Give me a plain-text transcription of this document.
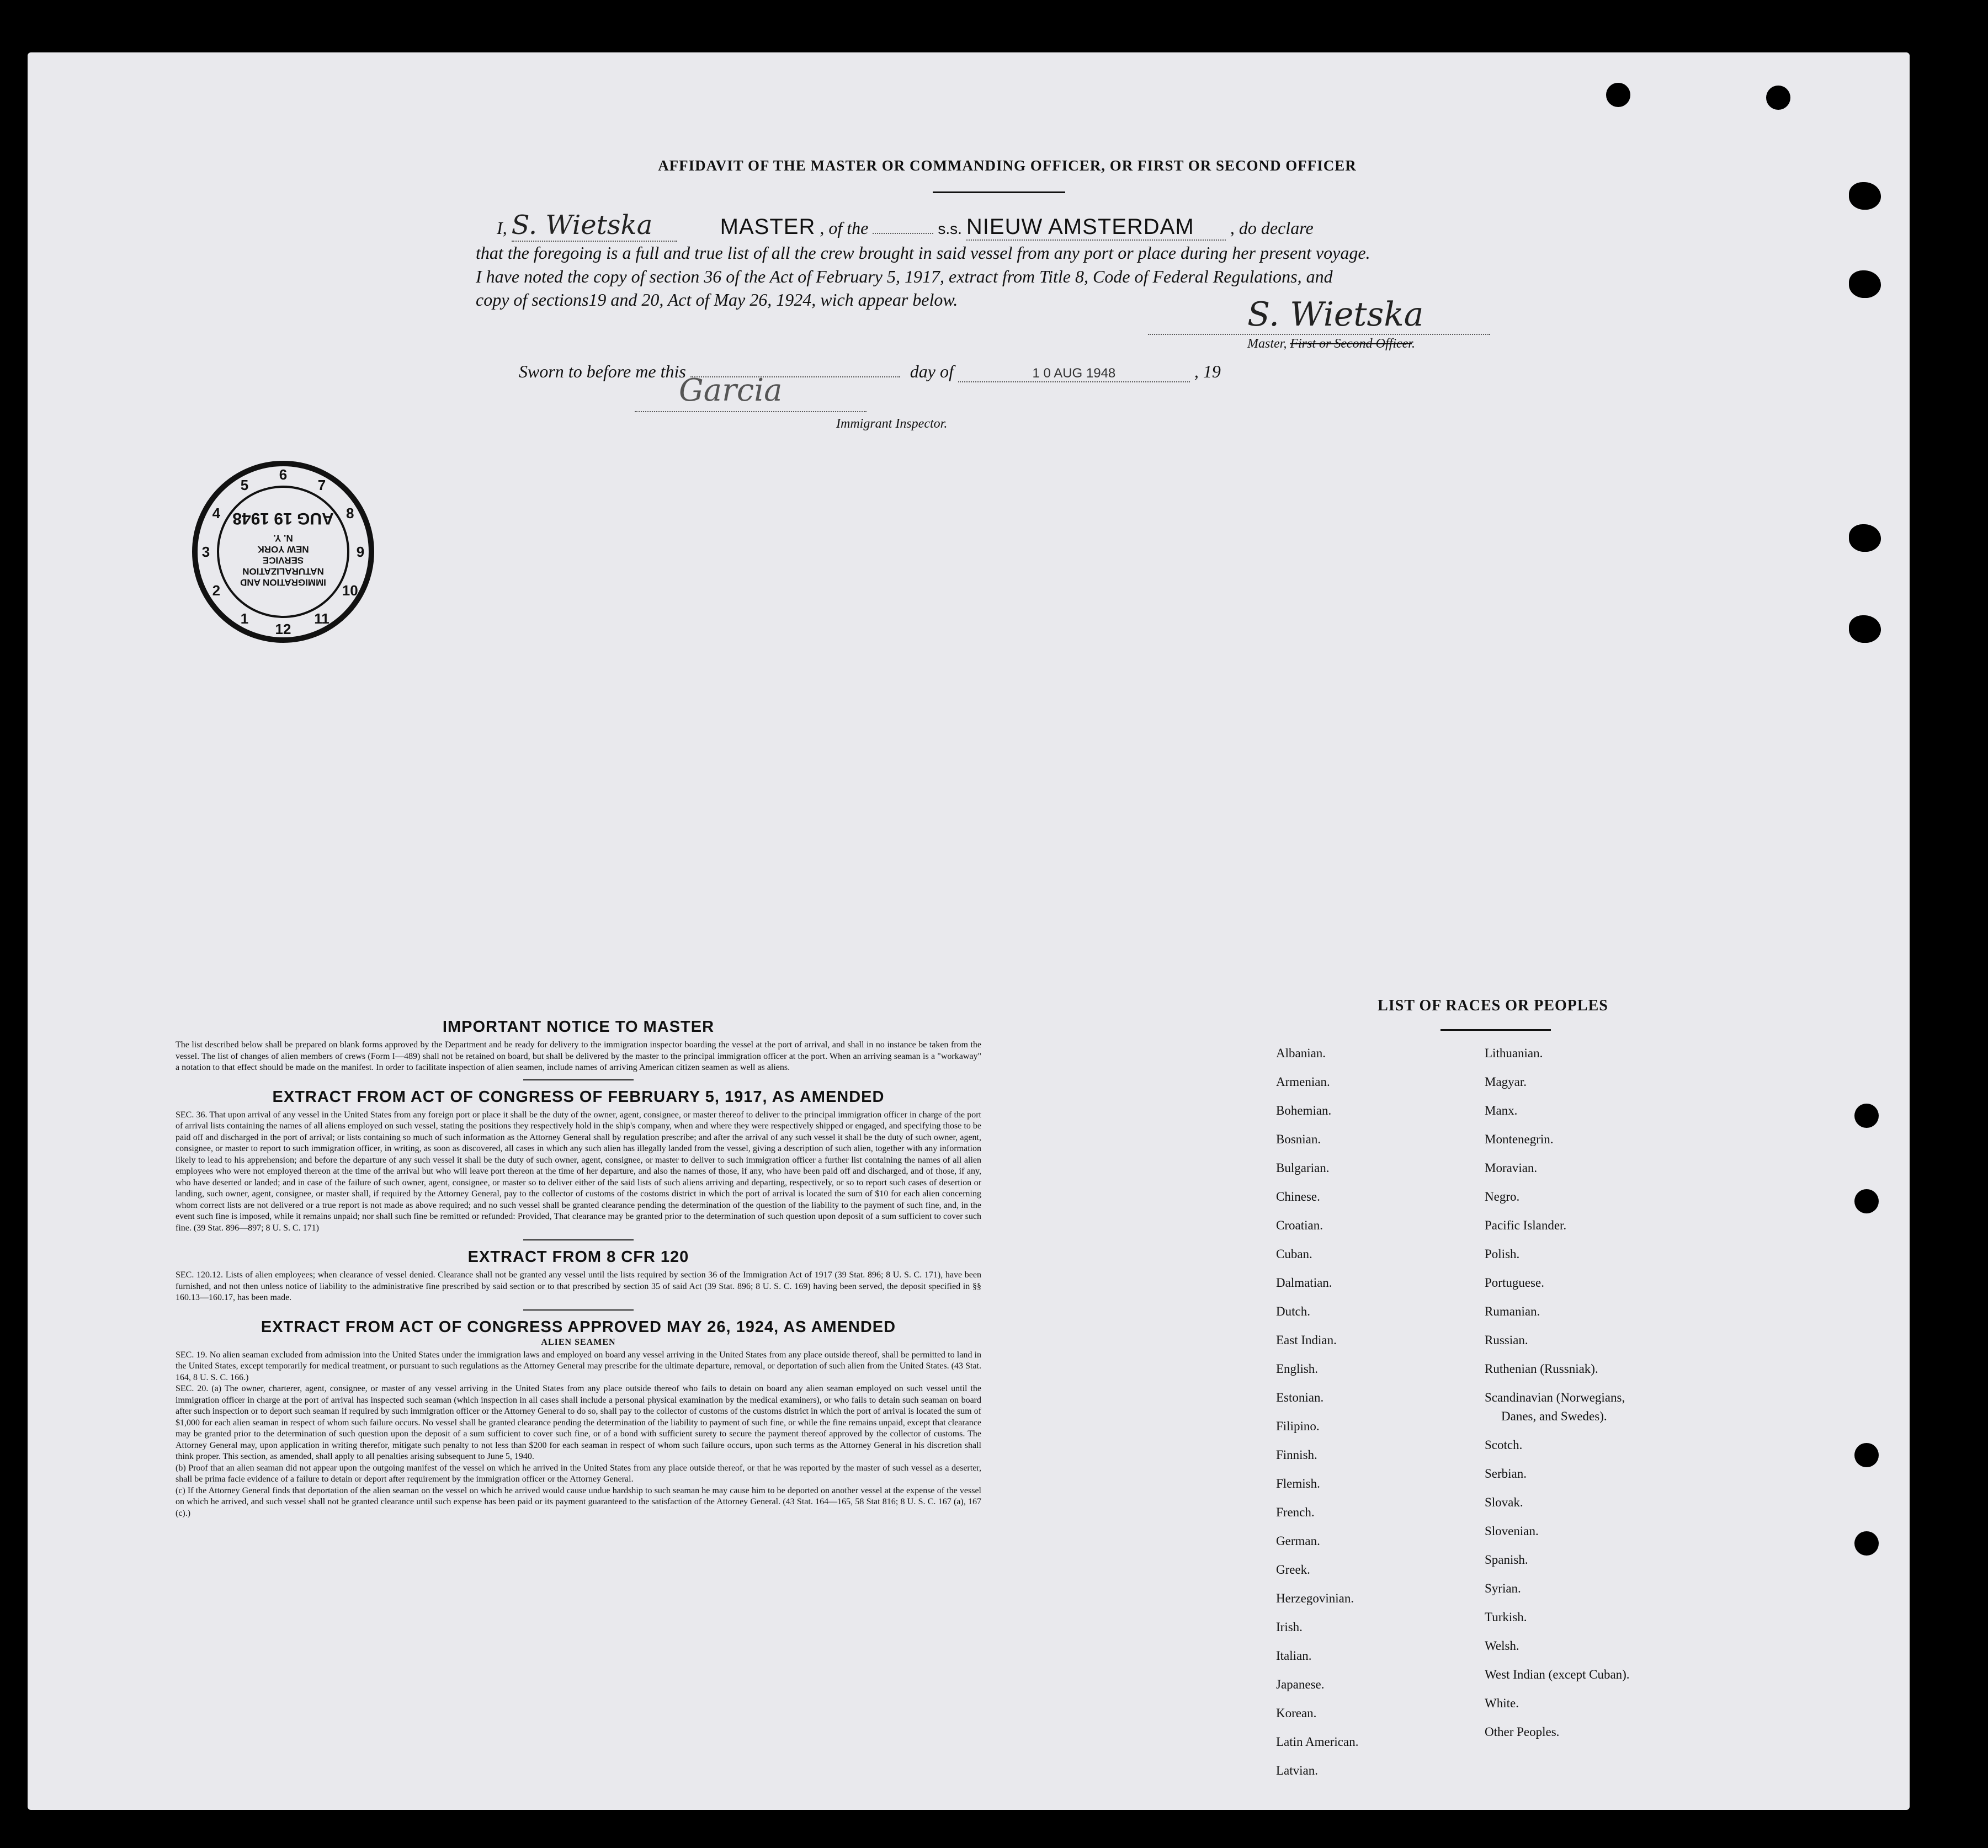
AFFIDAVIT OF THE MASTER OR COMMANDING OFFICER, OR FIRST OR SECOND OFFICER
I, S. Wietska	MASTER , of the	s.s. NIEUW AMSTERDAM , do declare
that the foregoing is a full and true list of all the crew brought in said vessel from any port or place during her present voyage.
I have noted the copy of section 36 of the Act of February 5, 1917, extract from Title 8, Code of Federal Regulations, and
copy of sections19 and 20, Act of May 26, 1924, wich appear below.	S. Wietska
Master, First or Second Officer.
Sworn to before me this	day of	1 0 AUG 1948	, 19
Garcia
Immigrant Inspector.
1
2
3
4
5
6
7
8
9
10
11
12
IMMIGRATION AND
NATURALIZATION
SERVICE
NEW YORK
N. Y.
AUG 19 1948

IMPORTANT NOTICE TO MASTER

The list described below shall be prepared on blank forms approved by the Department and be ready for delivery to the immigration inspector boarding the vessel at the port of arrival, and shall in no instance be taken from the vessel. The list of changes of alien members of crews (Form I—489) shall not be retained on board, but shall be delivered by the master to the principal immigration officer at the port. When an arriving seaman is a "workaway" a notation to that effect should be made on the manifest. In order to facilitate inspection of alien seamen, include names of arriving American citizen seamen as well as aliens.

EXTRACT FROM ACT OF CONGRESS OF FEBRUARY 5, 1917, AS AMENDED

SEC. 36. That upon arrival of any vessel in the United States from any foreign port or place it shall be the duty of the owner, agent, consignee, or master thereof to deliver to the principal immigration officer in charge of the port of arrival lists containing the names of all aliens employed on such vessel, stating the positions they respectively hold in the ship's company, when and where they were respectively shipped or engaged, and specifying those to be paid off and discharged in the port of arrival; or lists containing so much of such information as the Attorney General shall by regulation prescribe; and after the arrival of any such vessel it shall be the duty of such owner, agent, consignee, or master to report to such immigration officer, in writing, as soon as discovered, all cases in which any such alien has illegally landed from the vessel, giving a description of such alien, together with any information likely to lead to his apprehension; and before the departure of any such vessel it shall be the duty of such owner, agent, consignee, or master to deliver to such immigration officer a further list containing the names of all alien employees who were not employed thereon at the time of the arrival but who will leave port thereon at the time of her departure, and also the names of those, if any, who have been paid off and discharged, and of those, if any, who have deserted or landed; and in case of the failure of such owner, agent, consignee, or master so to deliver either of the said lists of such aliens arriving and departing, respectively, or so to report such cases of desertion or landing, such owner, agent, consignee, or master shall, if required by the Attorney General, pay to the collector of customs of the costoms district in which the port of arrival is located the sum of $10 for each alien concerning whom correct lists are not delivered or a true report is not made as above required; and no such vessel shall be granted clearance pending the determination of the question of the liability to the payment of such fine, and, in the event such fine is imposed, while it remains unpaid; nor shall such fine be remitted or refunded: Provided, That clearance may be granted prior to the determination of such question upon deposit of a sum sufficient to cover such fine. (39 Stat. 896—897; 8 U. S. C. 171)

EXTRACT FROM 8 CFR 120

SEC. 120.12. Lists of alien employees; when clearance of vessel denied. Clearance shall not be granted any vessel until the lists required by section 36 of the Immigration Act of 1917 (39 Stat. 896; 8 U. S. C. 171), have been furnished, and not then unless notice of liability to the administrative fine prescribed by said section or to that prescribed by section 35 of said Act (39 Stat. 896; 8 U. S. C. 169) having been served, the deposit specified in §§ 160.13—160.17, has been made.

EXTRACT FROM ACT OF CONGRESS APPROVED MAY 26, 1924, AS AMENDED

ALIEN SEAMEN

SEC. 19. No alien seaman excluded from admission into the United States under the immigration laws and employed on board any vessel arriving in the United States from any place outside thereof, shall be permitted to land in the United States, except temporarily for medical treatment, or pursuant to such regulations as the Attorney General may prescribe for the ultimate departure, removal, or deportation of such alien from the United States. (43 Stat. 164, 8 U. S. C. 166.)

SEC. 20. (a) The owner, charterer, agent, consignee, or master of any vessel arriving in the United States from any place outside thereof who fails to detain on board any alien seaman employed on such vessel until the immigration officer in charge at the port of arrival has inspected such seaman (which inspection in all cases shall include a personal physical examination by the medical examiners), or who fails to detain such seaman on board after such inspection or to deport such seaman if required by such immigration officer or the Attorney General to do so, shall pay to the collector of customs of the customs district in which the port of arrival is located the sum of $1,000 for each alien seaman in respect of whom such failure occurs. No vessel shall be granted clearance pending the determination of the liability to payment of such fine, or while the fine remains unpaid, except that clearance may be granted prior to the determination of such question upon the deposit of a sum sufficient to cover such fine, or of a bond with sufficient surety to secure the payment thereof approved by the collector of customs. The Attorney General may, upon application in writing therefor, mitigate such penalty to not less than $200 for each seaman in respect of whom such failure occurs, upon such terms as the Attorney General in his discretion shall think proper. This section, as amended, shall apply to all penalties arising subsequent to June 5, 1940.

(b) Proof that an alien seaman did not appear upon the outgoing manifest of the vessel on which he arrived in the United States from any place outside thereof, or that he was reported by the master of such vessel as a deserter, shall be prima facie evidence of a failure to detain or deport after requirement by the immigration officer or the Attorney General.

(c) If the Attorney General finds that deportation of the alien seaman on the vessel on which he arrived would cause undue hardship to such seaman he may cause him to be deported on another vessel at the expense of the vessel on which he arrived, and such vessel shall not be granted clearance until such expense has been paid or its payment guaranteed to the satisfaction of the Attorney General. (43 Stat. 164—165, 58 Stat 816; 8 U. S. C. 167 (a), 167 (c).)

LIST OF RACES OR PEOPLES
Albanian.
Armenian.
Bohemian.
Bosnian.
Bulgarian.
Chinese.
Croatian.
Cuban.
Dalmatian.
Dutch.
East Indian.
English.
Estonian.
Filipino.
Finnish.
Flemish.
French.
German.
Greek.
Herzegovinian.
Irish.
Italian.
Japanese.
Korean.
Latin American.
Latvian.
Lithuanian.
Magyar.
Manx.
Montenegrin.
Moravian.
Negro.
Pacific Islander.
Polish.
Portuguese.
Rumanian.
Russian.
Ruthenian (Russniak).
Scandinavian (Norwegians,
Danes, and Swedes).
Scotch.
Serbian.
Slovak.
Slovenian.
Spanish.
Syrian.
Turkish.
Welsh.
West Indian (except Cuban).
White.
Other Peoples.
